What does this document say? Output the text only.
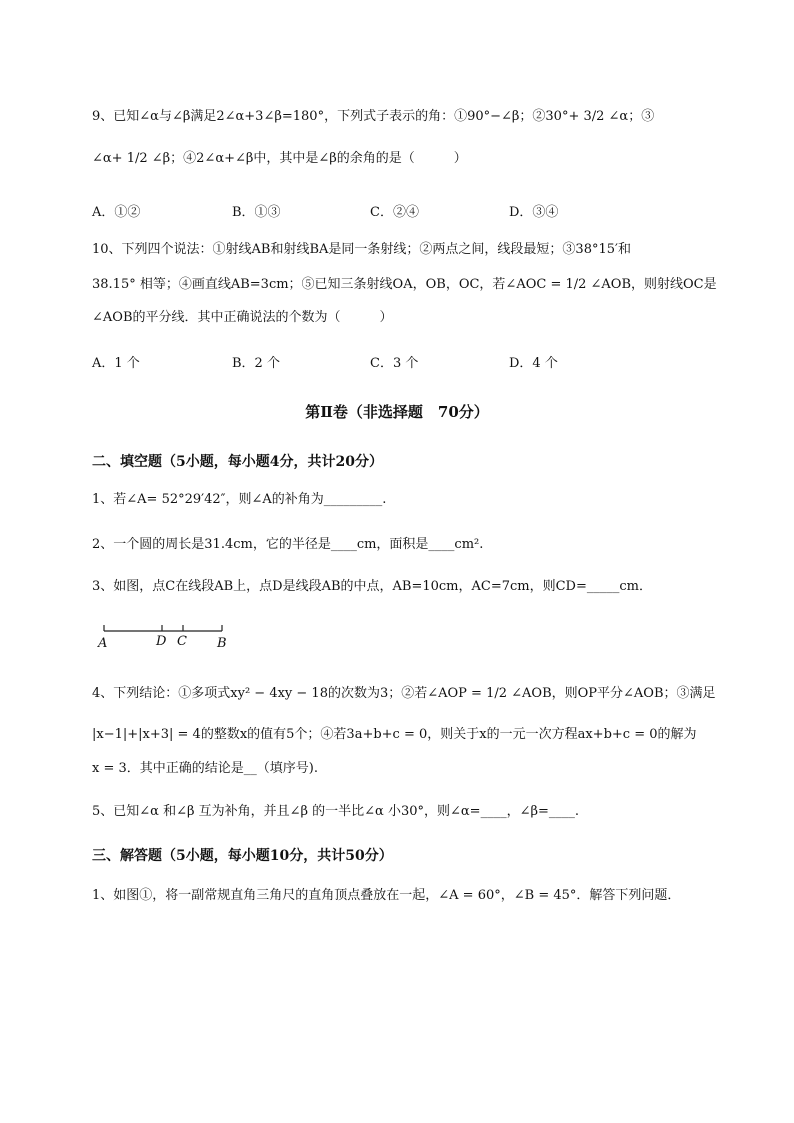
9、已知∠α与∠β满足2∠α+3∠β=180°，下列式子表示的角：①90°−∠β；②30°+ 3/2 ∠α；③
∠α+ 1/2 ∠β；④2∠α+∠β中，其中是∠β的余角的是（　　　）
A．①②	B．①③	C．②④	D．③④
10、下列四个说法：①射线AB和射线BA是同一条射线；②两点之间，线段最短；③38°15′和
38.15° 相等；④画直线AB=3cm；⑤已知三条射线OA，OB，OC，若∠AOC = 1/2 ∠AOB，则射线OC是
∠AOB的平分线．其中正确说法的个数为（　　　）
A．1 个	B．2 个	C．3 个	D．4 个
第Ⅱ卷（非选择题　70分）
二、填空题（5小题，每小题4分，共计20分）
1、若∠A= 52°29′42″，则∠A的补角为_________.
2、一个圆的周长是31.4cm，它的半径是____cm，面积是____cm².
3、如图，点C在线段AB上，点D是线段AB的中点，AB=10cm，AC=7cm，则CD=_____cm．
A	D C B
4、下列结论：①多项式xy² − 4xy − 18的次数为3；②若∠AOP = 1/2 ∠AOB，则OP平分∠AOB；③满足
|x−1|+|x+3| = 4的整数x的值有5个；④若3a+b+c = 0，则关于x的一元一次方程ax+b+c = 0的解为
x = 3．其中正确的结论是__（填序号).
5、已知∠α 和∠β 互为补角，并且∠β 的一半比∠α 小30°，则∠α=____，∠β=____.
三、解答题（5小题，每小题10分，共计50分）
1、如图①，将一副常规直角三角尺的直角顶点叠放在一起，∠A = 60°，∠B = 45°．解答下列问题．
